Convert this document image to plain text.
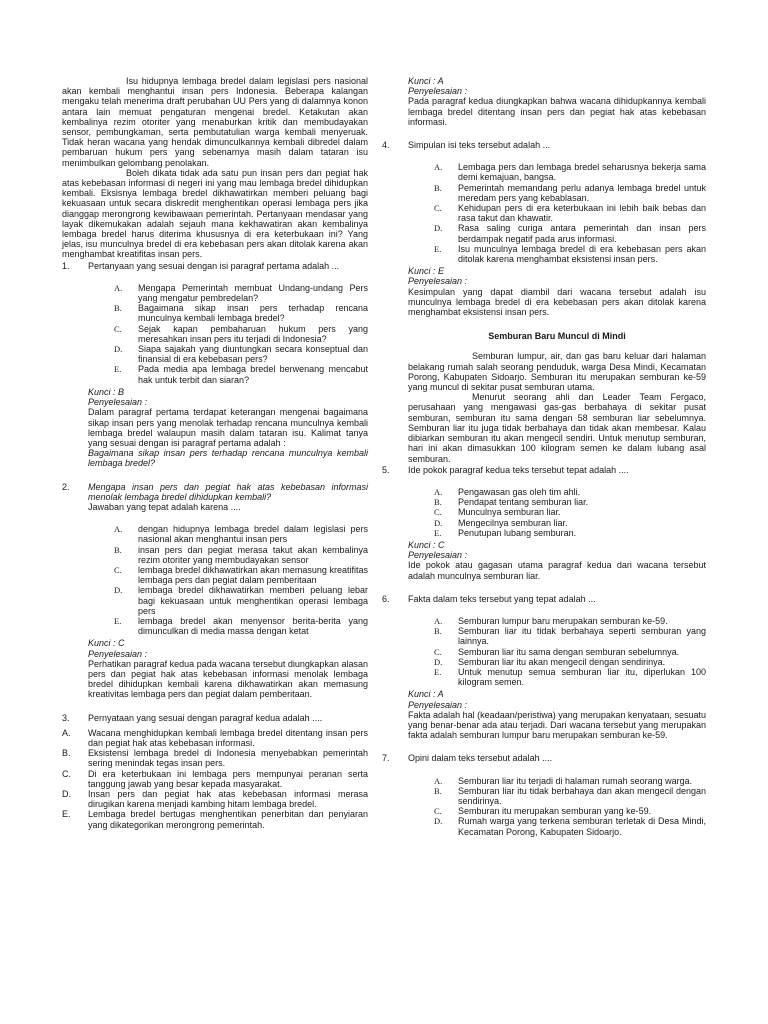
Isu hidupnya lembaga bredel dalam legislasi pers nasional akan kembali menghantui insan pers Indonesia. Beberapa kalangan mengaku telah menerima draft perubahan UU Pers yang di dalamnya konon antara lain memuat pengaturan mengenai bredel. Ketakutan akan kembalinya rezim otoriter yang menaburkan kritik dan membudayakan sensor, pembungkaman, serta pembutatulian warga kembali menyeruak. Tidak heran wacana yang hendak dimunculkannya kembali dibredel dalam pembaruan hukum pers yang sebenarnya masih dalam tataran isu menimbulkan gelombang penolakan.

Boleh dikata tidak ada satu pun insan pers dan pegiat hak atas kebebasan informasi di negeri ini yang mau lembaga bredel dihidupkan kembali. Eksisnya lembaga bredel dikhawatirkan memberi peluang bagi kekuasaan untuk secara diskredit menghentikan operasi lembaga pers jika dianggap merongrong kewibawaan pemerintah. Pertanyaan mendasar yang layak dikemukakan adalah sejauh mana kekhawatiran akan kembalinya lembaga bredel harus diterima khususnya di era keterbukaan ini? Yang jelas, isu munculnya bredel di era kebebasan pers akan ditolak karena akan menghambat kreatifitas insan pers.

1. Pertanyaan yang sesuai dengan isi paragraf pertama adalah ...

A. Mengapa Pemerintah membuat Undang-undang Pers yang mengatur pembredelan?
B. Bagaimana sikap insan pers terhadap rencana munculnya kembali lembaga bredel?
C. Sejak kapan pembaharuan hukum pers yang meresahkan insan pers itu terjadi di Indonesia?
D. Siapa sajakah yang diuntungkan secara konseptual dan finansial di era kebebasan pers?
E. Pada media apa lembaga bredel berwenang mencabut hak untuk terbit dan siaran?
Kunci : B
Penyelesaian :

Dalam paragraf pertama terdapat keterangan mengenai bagaimana sikap insan pers yang menolak terhadap rencana munculnya kembali lembaga bredel walaupun masih dalam tataran isu. Kalimat tanya yang sesuai dengan isi paragraf pertama adalah :

Bagaimana sikap insan pers terhadap rencana munculnya kembali lembaga bredel?

2. Mengapa insan pers dan pegiat hak atas kebebasan informasi menolak lembaga bredel dihidupkan kembali?

Jawaban yang tepat adalah karena ....

A. dengan hidupnya lembaga bredel dalam legislasi pers nasional akan menghantui insan pers
B. insan pers dan pegiat merasa takut akan kembalinya rezim otoriter yang membudayakan sensor
C. lembaga bredel dikhawatirkan akan memasung kreatifitas lembaga pers dan pegiat dalam pemberitaan
D. lembaga bredel dikhawatirkan memberi peluang lebar bagi kekuasaan untuk menghentikan operasi lembaga pers
E. lembaga bredel akan menyensor berita-berita yang dimunculkan di media massa dengan ketat
Kunci : C
Penyelesaian :

Perhatikan paragraf kedua pada wacana tersebut diungkapkan alasan pers dan pegiat hak atas kebebasan informasi menolak lembaga bredel dihidupkan kembali karena dikhawatirkan akan memasung kreativitas lembaga pers dan pegiat dalam pemberitaan.

3. Pernyataan yang sesuai dengan paragraf kedua adalah ....

A. Wacana menghidupkan kembali lembaga bredel ditentang insan pers dan pegiat hak atas kebebasan informasi.
B. Eksistensi lembaga bredel di Indonesia menyebabkan pemerintah sering menindak tegas insan pers.
C. Di era keterbukaan ini lembaga pers mempunyai peranan serta tanggung jawab yang besar kepada masyarakat.
D. Insan pers dan pegiat hak atas kebebasan informasi merasa dirugikan karena menjadi kambing hitam lembaga bredel.
E. Lembaga bredel bertugas menghentikan penerbitan dan penyiaran yang dikategorikan merongrong pemerintah.
Kunci : A
Penyelesaian :

Pada paragraf kedua diungkapkan bahwa wacana dihidupkannya kembali lembaga bredel ditentang insan pers dan pegiat hak atas kebebasan informasi.

4. Simpulan isi teks tersebut adalah ...

A. Lembaga pers dan lembaga bredel seharusnya bekerja sama demi kemajuan, bangsa.
B. Pemerintah memandang perlu adanya lembaga bredel untuk meredam pers yang kebablasan.
C. Kehidupan pers di era keterbukaan ini lebih baik bebas dan rasa takut dan khawatir.
D. Rasa saling curiga antara pemerintah dan insan pers berdampak negatif pada arus informasi.
E. Isu munculnya lembaga bredel di era kebebasan pers akan ditolak karena menghambat eksistensi insan pers.
Kunci : E
Penyelesaian :

Kesimpulan yang dapat diambil dari wacana tersebut adalah isu munculnya lembaga bredel di era kebebasan pers akan ditolak karena menghambat eksistensi insan pers.

Semburan Baru Muncul di Mindi

Semburan lumpur, air, dan gas baru keluar dari halaman belakang rumah salah seorang penduduk, warga Desa Mindi, Kecamatan Porong, Kabupaten Sidoarjo. Semburan itu merupakan semburan ke-59 yang muncul di sekitar pusat semburan utama.

Menurut seorang ahli dan Leader Team Fergaco, perusahaan yang mengawasi gas-gas berbahaya di sekitar pusat semburan, semburan itu sama dengan 58 semburan liar sebelumnya. Semburan liar itu juga tidak berbahaya dan tidak akan membesar. Kalau dibiarkan semburan itu akan mengecil sendiri. Untuk menutup semburan, hari ini akan dimasukkan 100 kilogram semen ke dalam lubang asal semburan.

5. Ide pokok paragraf kedua teks tersebut tepat adalah ....

A. Pengawasan gas oleh tim ahli.
B. Pendapat tentang semburan liar.
C. Munculnya semburan liar.
D. Mengecilnya semburan liar.
E. Penutupan lubang semburan.
Kunci : C
Penyelesaian :

Ide pokok atau gagasan utama paragraf kedua dari wacana tersebut adalah munculnya semburan liar.

6. Fakta dalam teks tersebut yang tepat adalah ...

A. Semburan lumpur baru merupakan semburan ke-59.
B. Semburan liar itu tidak berbahaya seperti semburan yang lainnya.
C. Semburan liar itu sama dengan semburan sebelumnya.
D. Semburan liar itu akan mengecil dengan sendirinya.
E. Untuk menutup semua semburan liar itu, diperlukan 100 kilogram semen.
Kunci : A
Penyelesaian :

Fakta adalah hal (keadaan/peristiwa) yang merupakan kenyataan, sesuatu yang benar-benar ada atau terjadi. Dari wacana tersebut yang merupakan fakta adalah semburan lumpur baru merupakan semburan ke-59.

7. Opini dalam teks tersebut adalah ....

A. Semburan liar itu terjadi di halaman rumah seorang warga.
B. Semburan liar itu tidak berbahaya dan akan mengecil dengan sendirinya.
C. Semburan itu merupakan semburan yang ke-59.
D. Rumah warga yang terkena semburan terletak di Desa Mindi, Kecamatan Porong, Kabupaten Sidoarjo.
